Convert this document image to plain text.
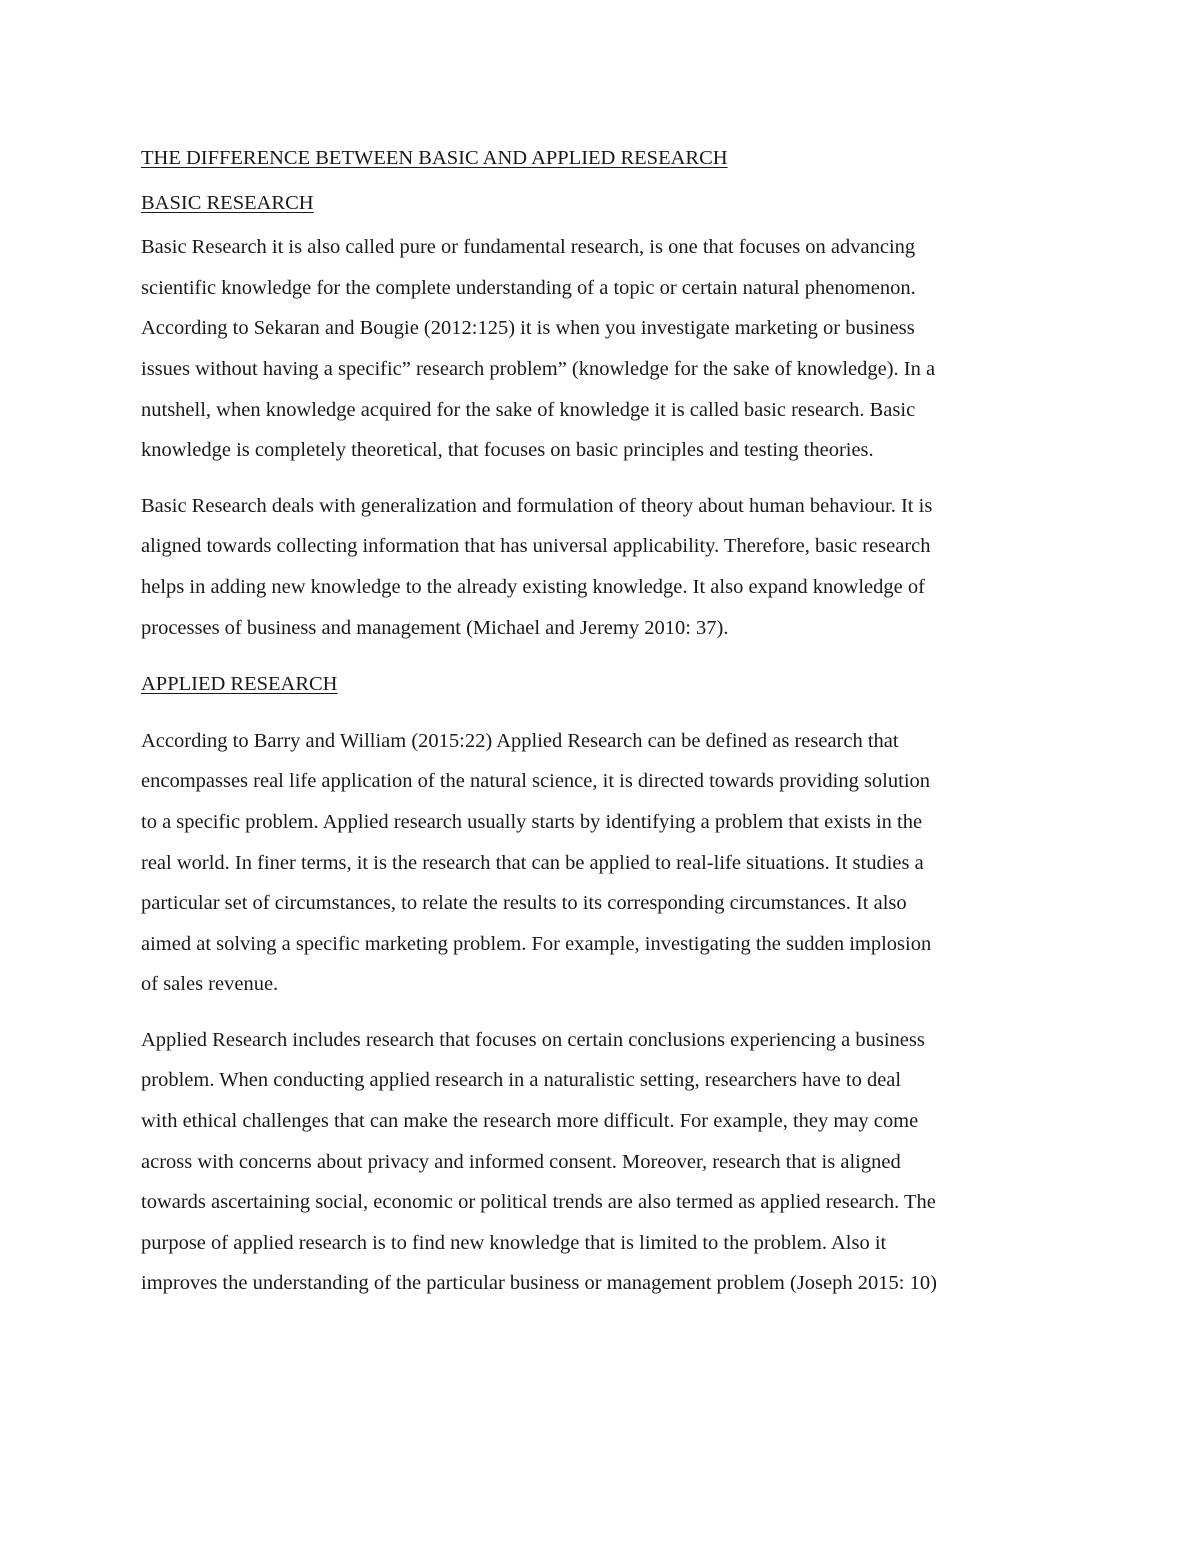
THE DIFFERENCE BETWEEN BASIC AND APPLIED RESEARCH
BASIC RESEARCH

Basic Research it is also called pure or fundamental research, is one that focuses on advancing
scientific knowledge for the complete understanding of a topic or certain natural phenomenon.
According to Sekaran and Bougie (2012:125) it is when you investigate marketing or business
issues without having a specific” research problem” (knowledge for the sake of knowledge). In a
nutshell, when knowledge acquired for the sake of knowledge it is called basic research. Basic
knowledge is completely theoretical, that focuses on basic principles and testing theories.

Basic Research deals with generalization and formulation of theory about human behaviour. It is
aligned towards collecting information that has universal applicability. Therefore, basic research
helps in adding new knowledge to the already existing knowledge. It also expand knowledge of
processes of business and management (Michael and Jeremy 2010: 37).

APPLIED RESEARCH

According to Barry and William (2015:22) Applied Research can be defined as research that
encompasses real life application of the natural science, it is directed towards providing solution
to a specific problem. Applied research usually starts by identifying a problem that exists in the
real world. In finer terms, it is the research that can be applied to real-life situations. It studies a
particular set of circumstances, to relate the results to its corresponding circumstances. It also
aimed at solving a specific marketing problem. For example, investigating the sudden implosion
of sales revenue.

Applied Research includes research that focuses on certain conclusions experiencing a business
problem. When conducting applied research in a naturalistic setting, researchers have to deal
with ethical challenges that can make the research more difficult. For example, they may come
across with concerns about privacy and informed consent. Moreover, research that is aligned
towards ascertaining social, economic or political trends are also termed as applied research. The
purpose of applied research is to find new knowledge that is limited to the problem. Also it
improves the understanding of the particular business or management problem (Joseph 2015: 10)
